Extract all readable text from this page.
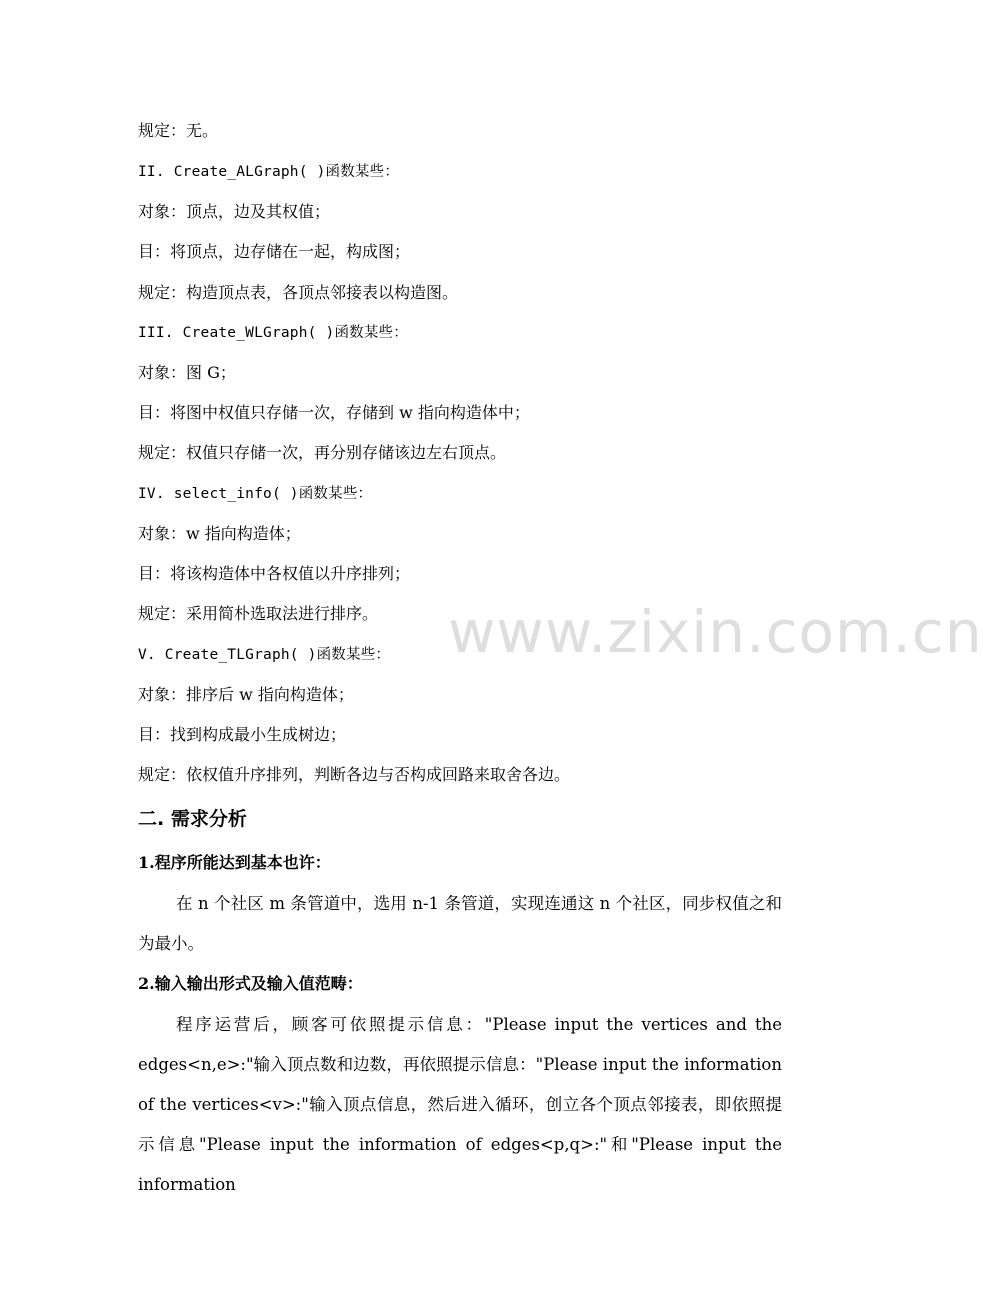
规定：无。
II. Create_ALGraph( )函数某些：
对象：顶点，边及其权值；
目：将顶点，边存储在一起，构成图；
规定：构造顶点表，各顶点邻接表以构造图。
III. Create_WLGraph( )函数某些：
对象：图 G；
目：将图中权值只存储一次，存储到 w 指向构造体中；
规定：权值只存储一次，再分别存储该边左右顶点。
IV. select_info( )函数某些：
对象：w 指向构造体；
目：将该构造体中各权值以升序排列；
规定：采用简朴选取法进行排序。
V. Create_TLGraph( )函数某些：
对象：排序后 w 指向构造体；
目：找到构成最小生成树边；
规定：依权值升序排列，判断各边与否构成回路来取舍各边。
二. 需求分析
1.程序所能达到基本也许：

在 n 个社区 m 条管道中，选用 n-1 条管道，实现连通这 n 个社区，同步权值之和为最小。

2.输入输出形式及输入值范畴：

程序运营后，顾客可依照提示信息："Please input the vertices and the edges<n,e>:"输入顶点数和边数，再依照提示信息："Please input the information of the vertices<v>:"输入顶点信息，然后进入循环，创立各个顶点邻接表，即依照提示信息"Please input the information of edges<p,q>:"和"Please input the information

www.zixin.com.cn
